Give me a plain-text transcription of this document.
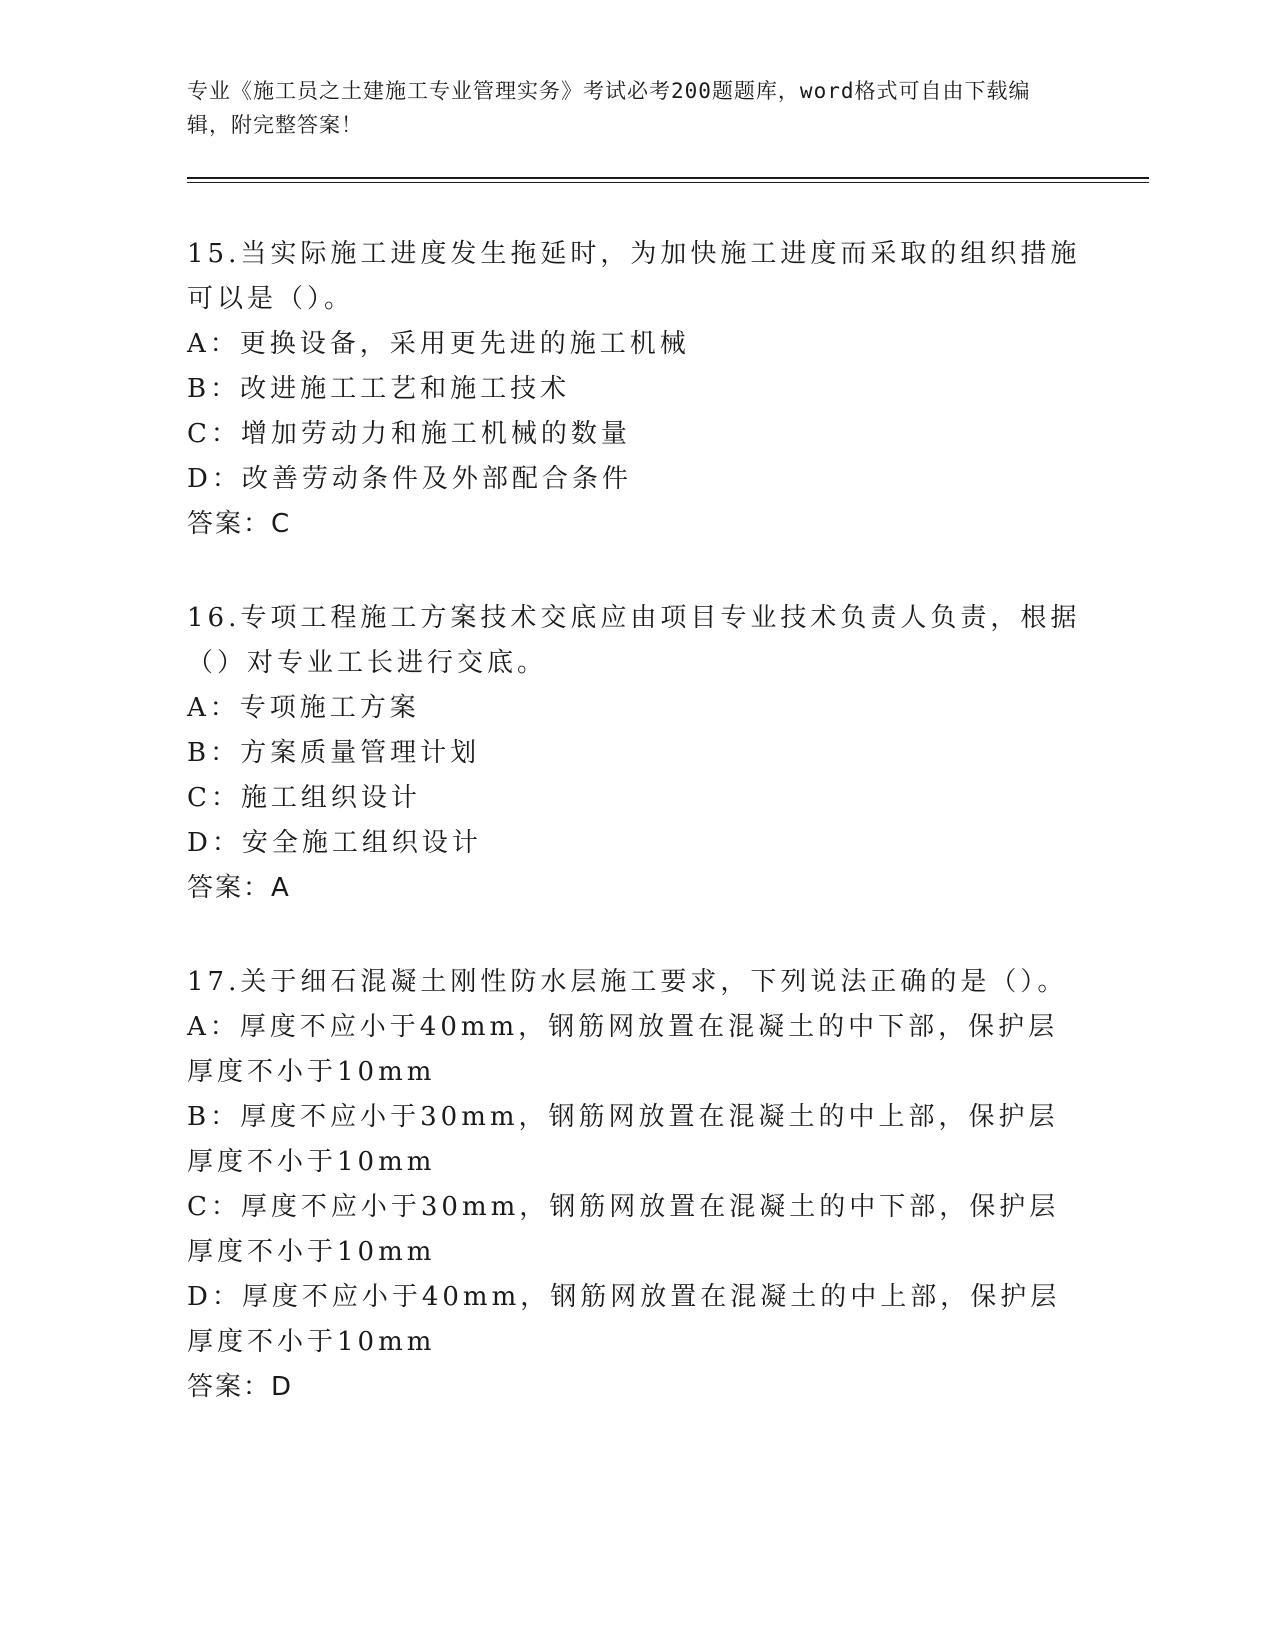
专业《施工员之土建施工专业管理实务》考试必考200题题库，word格式可自由下载编辑，附完整答案！
15.当实际施工进度发生拖延时，为加快施工进度而采取的组织措施可以是（）。
A：更换设备，采用更先进的施工机械
B：改进施工工艺和施工技术
C：增加劳动力和施工机械的数量
D：改善劳动条件及外部配合条件
答案：C
16.专项工程施工方案技术交底应由项目专业技术负责人负责，根据（）对专业工长进行交底。
A：专项施工方案
B：方案质量管理计划
C：施工组织设计
D：安全施工组织设计
答案：A
17.关于细石混凝土刚性防水层施工要求，下列说法正确的是（）。
A：厚度不应小于40mm，钢筋网放置在混凝土的中下部，保护层厚度不小于10mm
B：厚度不应小于30mm，钢筋网放置在混凝土的中上部，保护层厚度不小于10mm
C：厚度不应小于30mm，钢筋网放置在混凝土的中下部，保护层厚度不小于10mm
D：厚度不应小于40mm，钢筋网放置在混凝土的中上部，保护层厚度不小于10mm
答案：D
